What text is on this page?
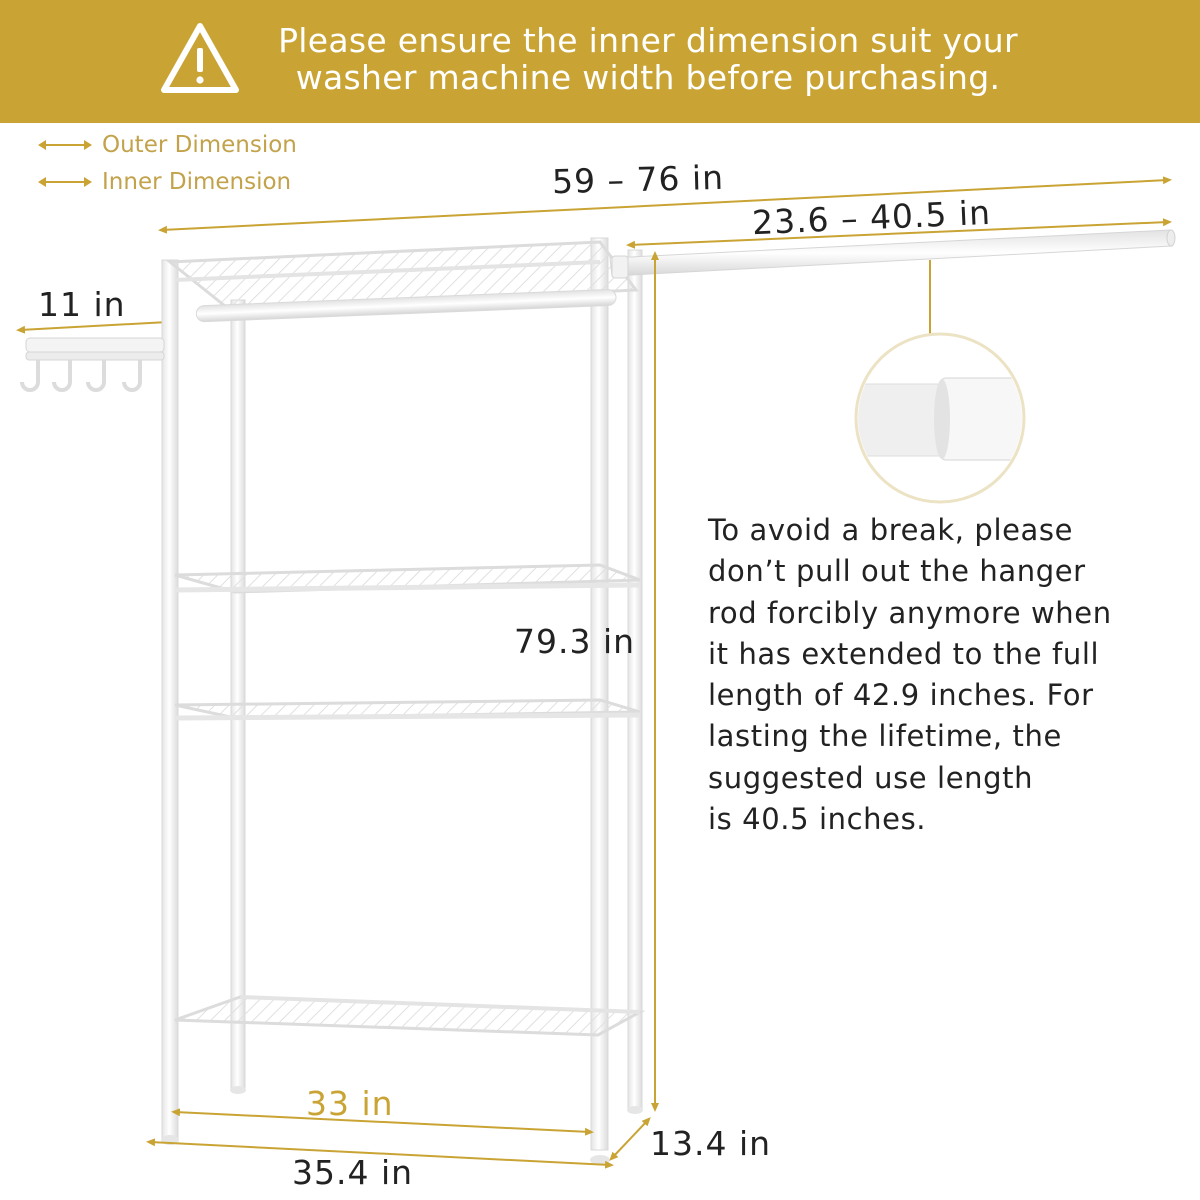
Please ensure the inner dimension suit your
washer machine width before purchasing.
Outer Dimension
Inner Dimension	59 – 76 in
23.6 – 40.5 in
11 in
79.3 in
33 in
35.4 in
13.4 in
To avoid a break, please
don’t pull out the hanger
rod forcibly anymore when
it has extended to the full
length of 42.9 inches. For
lasting the lifetime, the
suggested use length
is 40.5 inches.
